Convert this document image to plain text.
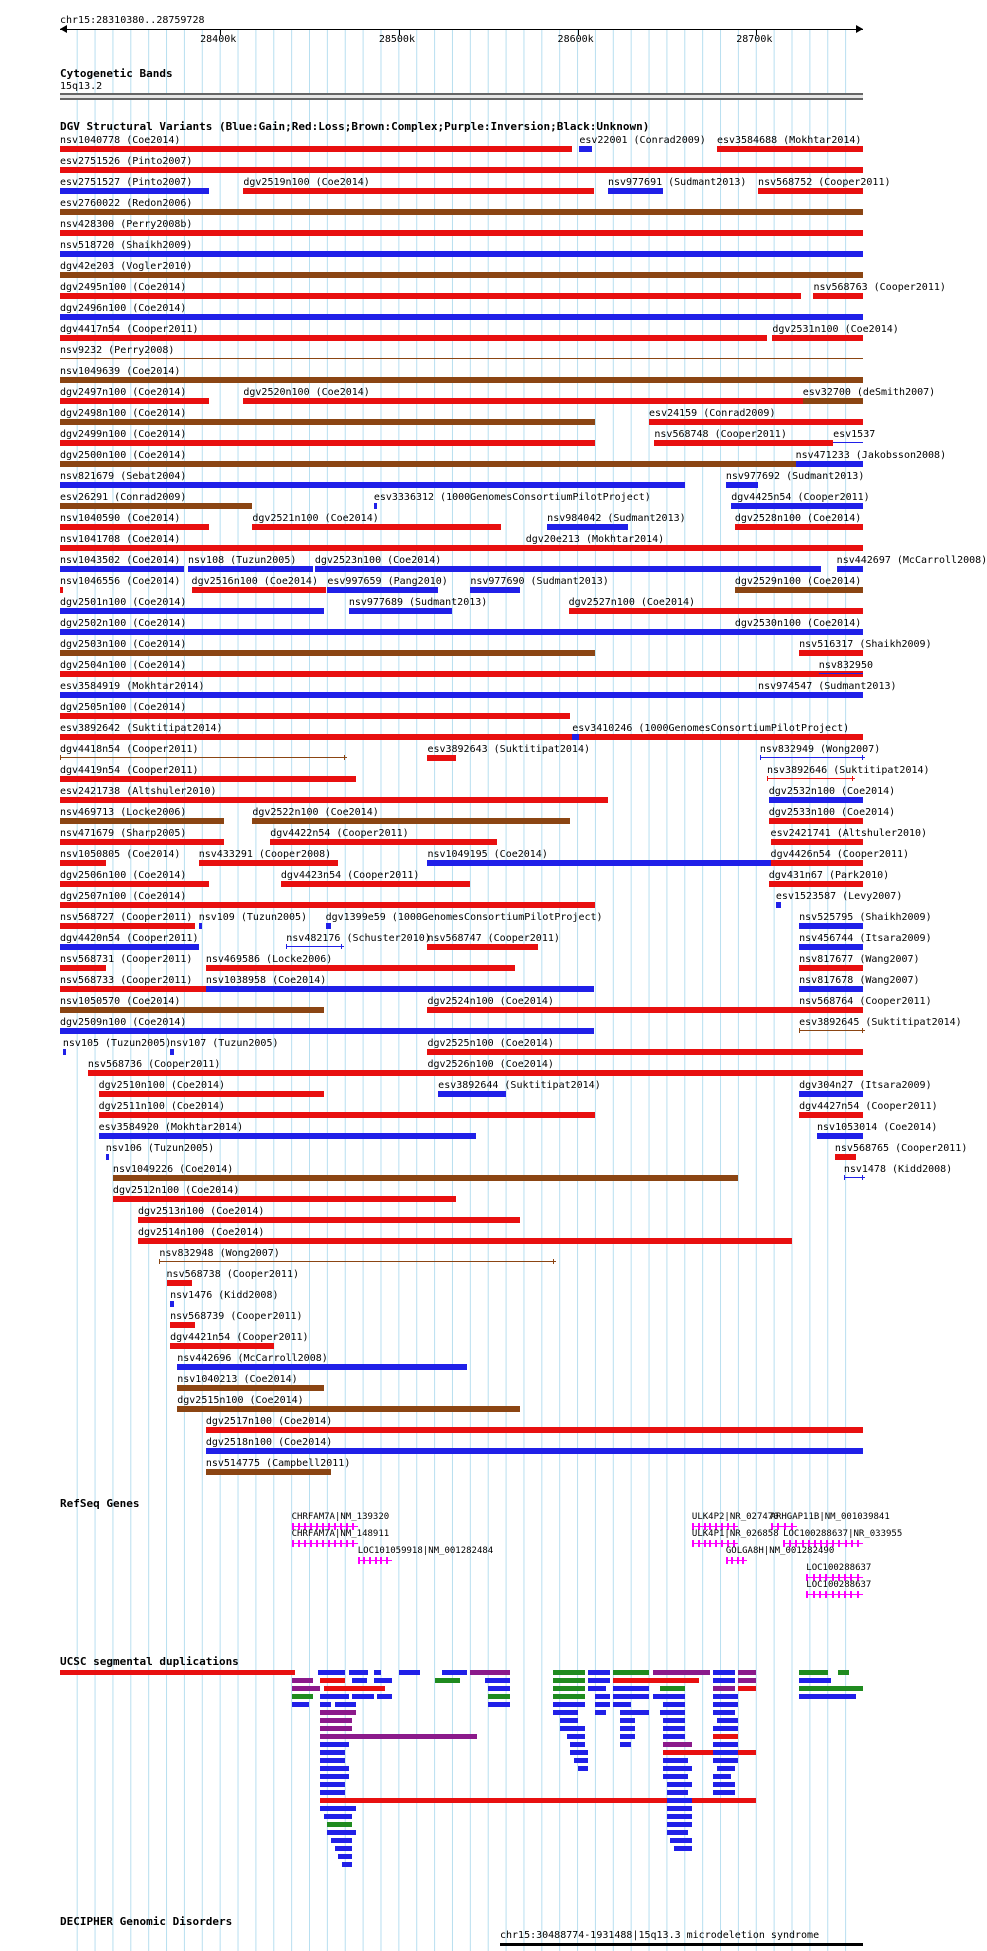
chr15:28310380..28759728
28400k	28500k	28600k	28700k
Cytogenetic Bands
15q13.2
DGV Structural Variants (Blue:Gain;Red:Loss;Brown:Complex;Purple:Inversion;Black:Unknown)
RefSeq Genes
UCSC segmental duplications
DECIPHER Genomic Disorders
chr15:30488774-1931488|15q13.3 microdeletion syndrome
nsv1040778 (Coe2014)	esv22001 (Conrad2009) esv3584688 (Mokhtar2014)
esv2751526 (Pinto2007)
esv2751527 (Pinto2007)	dgv2519n100 (Coe2014)	nsv977691 (Sudmant2013) nsv568752 (Cooper2011)
esv2760022 (Redon2006)
nsv428300 (Perry2008b)
nsv518720 (Shaikh2009)
dgv42e203 (Vogler2010)
dgv2495n100 (Coe2014)	nsv568763 (Cooper2011)
dgv2496n100 (Coe2014)
dgv4417n54 (Cooper2011)	dgv2531n100 (Coe2014)
nsv9232 (Perry2008)
nsv1049639 (Coe2014)
dgv2497n100 (Coe2014)	dgv2520n100 (Coe2014)	esv32700 (deSmith2007)
dgv2498n100 (Coe2014)	esv24159 (Conrad2009)
dgv2499n100 (Coe2014)	nsv568748 (Cooper2011)	esv1537
dgv2500n100 (Coe2014)	nsv471233 (Jakobsson2008)
nsv821679 (Sebat2004)	nsv977692 (Sudmant2013)
esv26291 (Conrad2009)	esv3336312 (1000GenomesConsortiumPilotProject)	dgv4425n54 (Cooper2011)
nsv1040590 (Coe2014)	dgv2521n100 (Coe2014)	nsv984042 (Sudmant2013)	dgv2528n100 (Coe2014)
nsv1041708 (Coe2014)	dgv20e213 (Mokhtar2014)
nsv1043502 (Coe2014) nsv108 (Tuzun2005) dgv2523n100 (Coe2014)	nsv442697 (McCarroll2008)
nsv1046556 (Coe2014) dgv2516n100 (Coe2014) esv997659 (Pang2010) nsv977690 (Sudmant2013)	dgv2529n100 (Coe2014)
dgv2501n100 (Coe2014)	nsv977689 (Sudmant2013)	dgv2527n100 (Coe2014)
dgv2502n100 (Coe2014)	dgv2530n100 (Coe2014)
dgv2503n100 (Coe2014)	nsv516317 (Shaikh2009)
dgv2504n100 (Coe2014)	nsv832950
esv3584919 (Mokhtar2014)	nsv974547 (Sudmant2013)
dgv2505n100 (Coe2014)
esv3892642 (Suktitipat2014)	esv3410246 (1000GenomesConsortiumPilotProject)
dgv4418n54 (Cooper2011)	esv3892643 (Suktitipat2014)	nsv832949 (Wong2007)
dgv4419n54 (Cooper2011)	nsv3892646 (Suktitipat2014)
esv2421738 (Altshuler2010)	dgv2532n100 (Coe2014)
nsv469713 (Locke2006)	dgv2522n100 (Coe2014)	dgv2533n100 (Coe2014)
nsv471679 (Sharp2005)	dgv4422n54 (Cooper2011)	esv2421741 (Altshuler2010)
nsv1050805 (Coe2014) nsv433291 (Cooper2008)	nsv1049195 (Coe2014)	dgv4426n54 (Cooper2011)
dgv2506n100 (Coe2014)	dgv4423n54 (Cooper2011)	dgv431n67 (Park2010)
dgv2507n100 (Coe2014)	esv1523587 (Levy2007)
nsv568727 (Cooper2011) nsv109 (Tuzun2005) dgv1399e59 (1000GenomesConsortiumPilotProject)	nsv525795 (Shaikh2009)
dgv4420n54 (Cooper2011)	nsv482176 (Schuster2010)
nsv568747 (Cooper2011)	nsv456744 (Itsara2009)
nsv568731 (Cooper2011) nsv469586 (Locke2006)	nsv817677 (Wang2007)
nsv568733 (Cooper2011) nsv1038958 (Coe2014)	nsv817678 (Wang2007)
nsv1050570 (Coe2014)	dgv2524n100 (Coe2014)	nsv568764 (Cooper2011)
dgv2509n100 (Coe2014)	esv3892645 (Suktitipat2014)
nsv105 (Tuzun2005)
nsv107 (Tuzun2005)	dgv2525n100 (Coe2014)
nsv568736 (Cooper2011)	dgv2526n100 (Coe2014)
dgv2510n100 (Coe2014)	esv3892644 (Suktitipat2014)	dgv304n27 (Itsara2009)
dgv2511n100 (Coe2014)	dgv4427n54 (Cooper2011)
esv3584920 (Mokhtar2014)	nsv1053014 (Coe2014)
nsv106 (Tuzun2005)	nsv568765 (Cooper2011)
nsv1049226 (Coe2014)	nsv1478 (Kidd2008)
dgv2512n100 (Coe2014)
dgv2513n100 (Coe2014)
dgv2514n100 (Coe2014)
nsv832948 (Wong2007)
nsv568738 (Cooper2011)
nsv1476 (Kidd2008)
nsv568739 (Cooper2011)
dgv4421n54 (Cooper2011)
nsv442696 (McCarroll2008)
nsv1040213 (Coe2014)
dgv2515n100 (Coe2014)
dgv2517n100 (Coe2014)
dgv2518n100 (Coe2014)
nsv514775 (Campbell2011)
CHRFAM7A|NM_139320
CHRFAM7A|NM_148911
LOC101059918|NM_001282484
ULK4P2|NR_027470
ARHGAP11B|NM_001039841
ULK4P1|NR_026858 LOC100288637|NR_033955
GOLGA8H|NM_001282490
LOC100288637
LOC100288637
